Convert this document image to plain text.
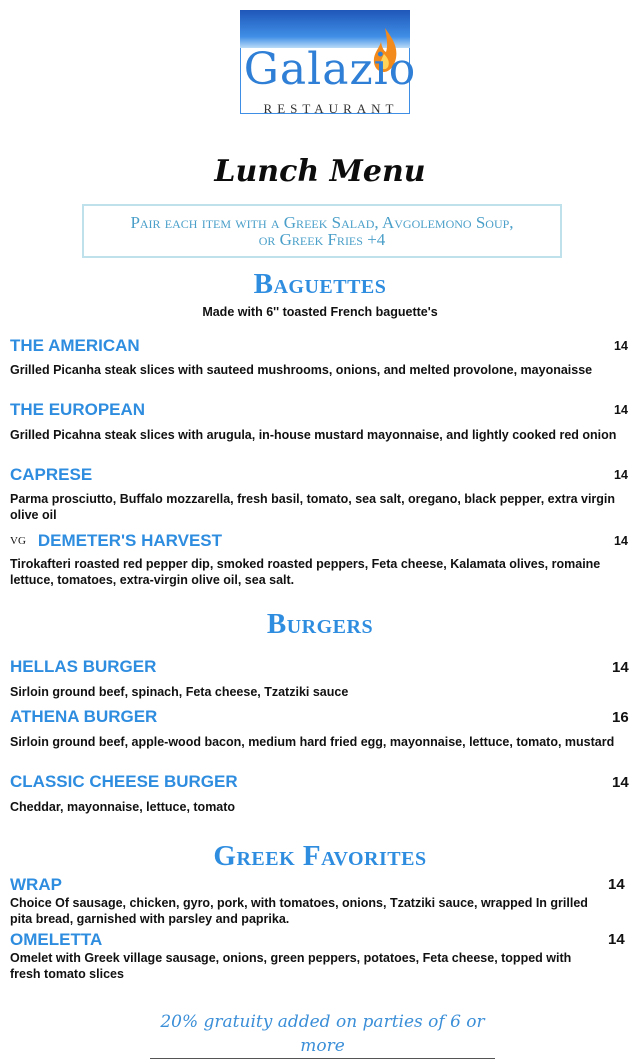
Galazio
RESTAURANT
Lunch Menu
Pair each item with a Greek Salad, Avgolemono Soup,
or Greek Fries +4
Baguettes
Made with 6'' toasted French baguette's
THE AMERICAN	14
Grilled Picanha steak slices with sauteed mushrooms, onions, and melted provolone, mayonaisse
THE EUROPEAN	14
Grilled Picahna steak slices with arugula, in-house mustard mayonnaise, and lightly cooked red onion
CAPRESE	14
Parma prosciutto, Buffalo mozzarella, fresh basil, tomato, sea salt, oregano, black pepper, extra virgin olive oil
VG DEMETER'S HARVEST	14
Tirokafteri roasted red pepper dip, smoked roasted peppers, Feta cheese, Kalamata olives, romaine lettuce, tomatoes, extra-virgin olive oil, sea salt.
Burgers
HELLAS BURGER	14
Sirloin ground beef, spinach, Feta cheese, Tzatziki sauce
ATHENA BURGER	16
Sirloin ground beef, apple-wood bacon, medium hard fried egg, mayonnaise, lettuce, tomato, mustard
CLASSIC CHEESE BURGER	14
Cheddar, mayonnaise, lettuce, tomato
Greek Favorites
WRAP	14
Choice Of sausage, chicken, gyro, pork, with tomatoes, onions, Tzatziki sauce, wrapped In grilled pita bread, garnished with parsley and paprika.
OMELETTA	14
Omelet with Greek village sausage, onions, green peppers, potatoes, Feta cheese, topped with fresh tomato slices
20% gratuity added on parties of 6 or more
